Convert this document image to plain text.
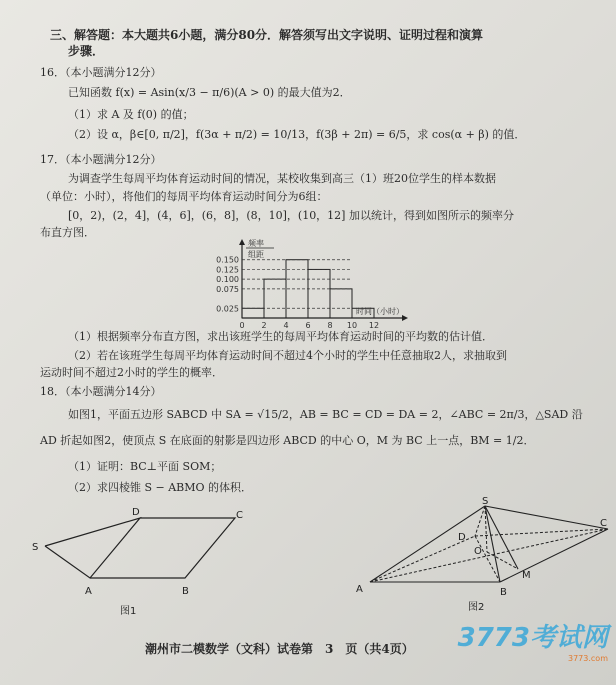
三、解答题：本大题共6小题，满分80分．解答须写出文字说明、证明过程和演算
步骤．
16．（本小题满分12分）
已知函数 f(x) = Asin(x/3 − π/6)(A > 0) 的最大值为2．
（1）求 A 及 f(0) 的值；
（2）设 α，β∈[0, π/2]，f(3α + π/2) = 10/13，f(3β + 2π) = 6/5，求 cos(α + β) 的值．
17．（本小题满分12分）
为调查学生每周平均体育运动时间的情况，某校收集到高三（1）班20位学生的样本数据
（单位：小时），将他们的每周平均体育运动时间分为6组：
[0，2)，(2，4]，(4，6]，(6，8]，(8，10]，(10，12] 加以统计，得到如图所示的频率分
布直方图．
0.150
0.125
0.100
0.075
0.025
0 2 4 6 8 10 12
频率
组距
时间（小时）
（1）根据频率分布直方图，求出该班学生的每周平均体育运动时间的平均数的估计值．
（2）若在该班学生每周平均体育运动时间不超过4个小时的学生中任意抽取2人，求抽取到
运动时间不超过2小时的学生的概率．
18．（本小题满分14分）
如图1，平面五边形 SABCD 中 SA = √15/2，AB = BC = CD = DA = 2，∠ABC = 2π/3，△SAD 沿
AD 折起如图2，使顶点 S 在底面的射影是四边形 ABCD 的中心 O，M 为 BC 上一点，BM = 1/2．
（1）证明：BC⊥平面 SOM；
（2）求四棱锥 S − ABMO 的体积．
S
D	C
A	B
图1
S
D
O
C
M
A	B
图2
潮州市二模数学（文科）试卷第　3　页（共4页） 3773考试网
3773.com
